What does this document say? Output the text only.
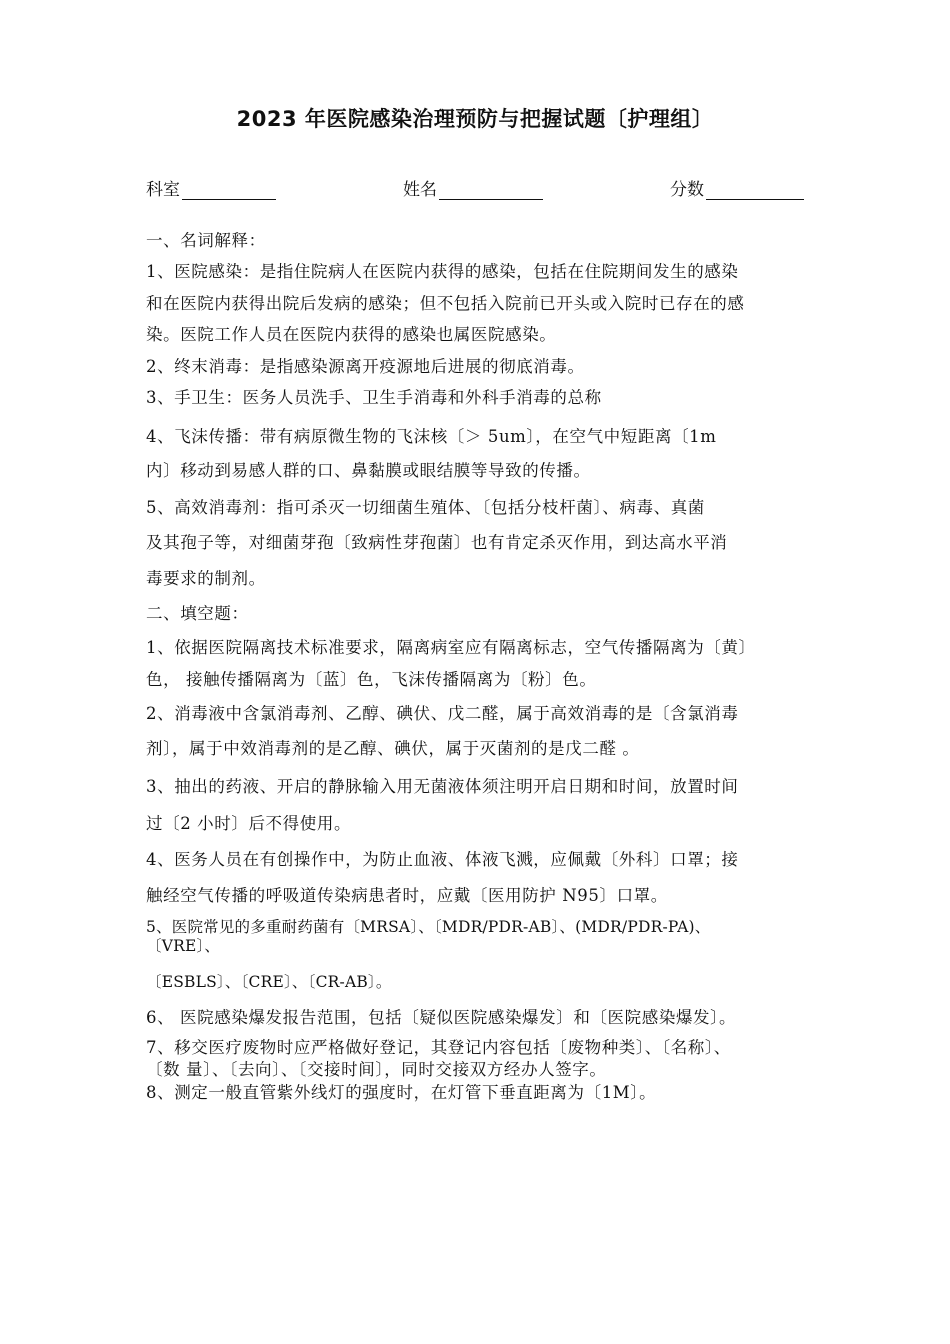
2023 年医院感染治理预防与把握试题〔护理组〕
科室	姓名	分数
一、名词解释：
1、医院感染：是指住院病人在医院内获得的感染，包括在住院期间发生的感染
和在医院内获得出院后发病的感染；但不包括入院前已开头或入院时已存在的感
染。医院工作人员在医院内获得的感染也属医院感染。
2、终末消毒：是指感染源离开疫源地后进展的彻底消毒。
3、手卫生：医务人员洗手、卫生手消毒和外科手消毒的总称
4、飞沫传播：带有病原微生物的飞沫核〔＞ 5um〕，在空气中短距离〔1m
内〕移动到易感人群的口、鼻黏膜或眼结膜等导致的传播。
5、高效消毒剂：指可杀灭一切细菌生殖体、〔包括分枝杆菌〕、病毒、真菌
及其孢子等，对细菌芽孢〔致病性芽孢菌〕也有肯定杀灭作用，到达高水平消
毒要求的制剂。
二、填空题：
1、依据医院隔离技术标准要求，隔离病室应有隔离标志，空气传播隔离为〔黄〕
色， 接触传播隔离为〔蓝〕色，飞沫传播隔离为〔粉〕色。
2、消毒液中含氯消毒剂、乙醇、碘伏、戊二醛，属于高效消毒的是〔含氯消毒
剂〕，属于中效消毒剂的是乙醇、碘伏，属于灭菌剂的是戊二醛 。
3、抽出的药液、开启的静脉输入用无菌液体须注明开启日期和时间，放置时间
过〔2 小时〕后不得使用。
4、医务人员在有创操作中，为防止血液、体液飞溅，应佩戴〔外科〕口罩；接
触经空气传播的呼吸道传染病患者时，应戴〔医用防护 N95〕口罩。
5、医院常见的多重耐药菌有〔MRSA〕、〔MDR/PDR-AB〕、(MDR/PDR-PA)、
〔VRE〕、
〔ESBLS〕、〔CRE〕、〔CR-AB〕。
6、 医院感染爆发报告范围，包括〔疑似医院感染爆发〕和〔医院感染爆发〕。
7、移交医疗废物时应严格做好登记，其登记内容包括〔废物种类〕、〔名称〕、
〔数 量〕、〔去向〕、〔交接时间〕，同时交接双方经办人签字。
8、测定一般直管紫外线灯的强度时，在灯管下垂直距离为〔1M〕。
